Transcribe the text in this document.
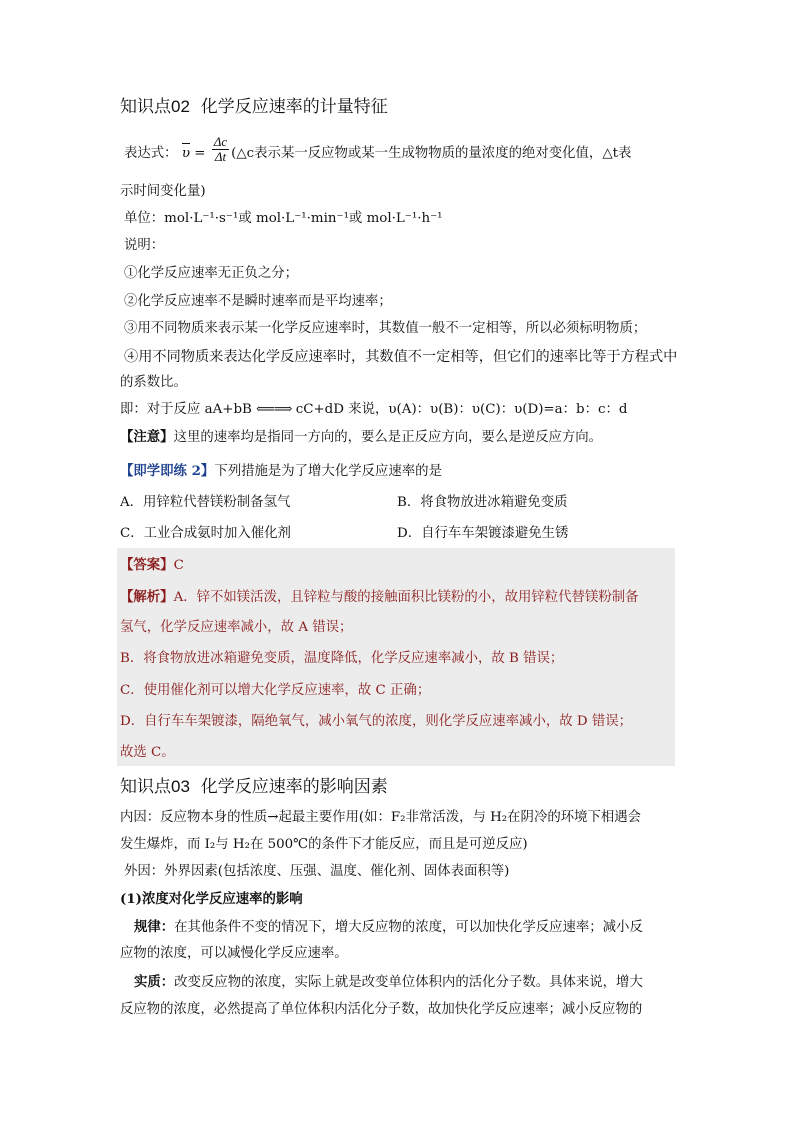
知识点02 化学反应速率的计量特征
表达式： $\upsilon = \frac{\Delta c}{\Delta t}$ (△c表示某一反应物或某一生成物物质的量浓度的绝对变化值，△t表
示时间变化量)
单位：mol·L⁻¹·s⁻¹或 mol·L⁻¹·min⁻¹或 mol·L⁻¹·h⁻¹
说明：
①化学反应速率无正负之分；
②化学反应速率不是瞬时速率而是平均速率；
③用不同物质来表示某一化学反应速率时，其数值一般不一定相等，所以必须标明物质；
④用不同物质来表达化学反应速率时，其数值不一定相等，但它们的速率比等于方程式中
的系数比。
即：对于反应 aA+bB ⟸⟹ cC+dD 来说，υ(A)：υ(B)：υ(C)：υ(D)=a：b：c：d
【注意】这里的速率均是指同一方向的，要么是正反应方向，要么是逆反应方向。
【即学即练 2】下列措施是为了增大化学反应速率的是
A．用锌粒代替镁粉制备氢气	B．将食物放进冰箱避免变质
C．工业合成氨时加入催化剂	D．自行车车架镀漆避免生锈
【答案】C
【解析】A．锌不如镁活泼，且锌粒与酸的接触面积比镁粉的小，故用锌粒代替镁粉制备
氢气，化学反应速率减小，故 A 错误；
B．将食物放进冰箱避免变质，温度降低，化学反应速率减小，故 B 错误；
C．使用催化剂可以增大化学反应速率，故 C 正确；
D．自行车车架镀漆，隔绝氧气，减小氧气的浓度，则化学反应速率减小，故 D 错误；
故选 C。
知识点03 化学反应速率的影响因素
内因：反应物本身的性质→起最主要作用(如：F₂非常活泼，与 H₂在阴冷的环境下相遇会
发生爆炸，而 I₂与 H₂在 500℃的条件下才能反应，而且是可逆反应)
外因：外界因素(包括浓度、压强、温度、催化剂、固体表面积等)
(1)浓度对化学反应速率的影响
规律：在其他条件不变的情况下，增大反应物的浓度，可以加快化学反应速率；减小反
应物的浓度，可以减慢化学反应速率。
实质：改变反应物的浓度，实际上就是改变单位体积内的活化分子数。具体来说，增大
反应物的浓度，必然提高了单位体积内活化分子数，故加快化学反应速率；减小反应物的
